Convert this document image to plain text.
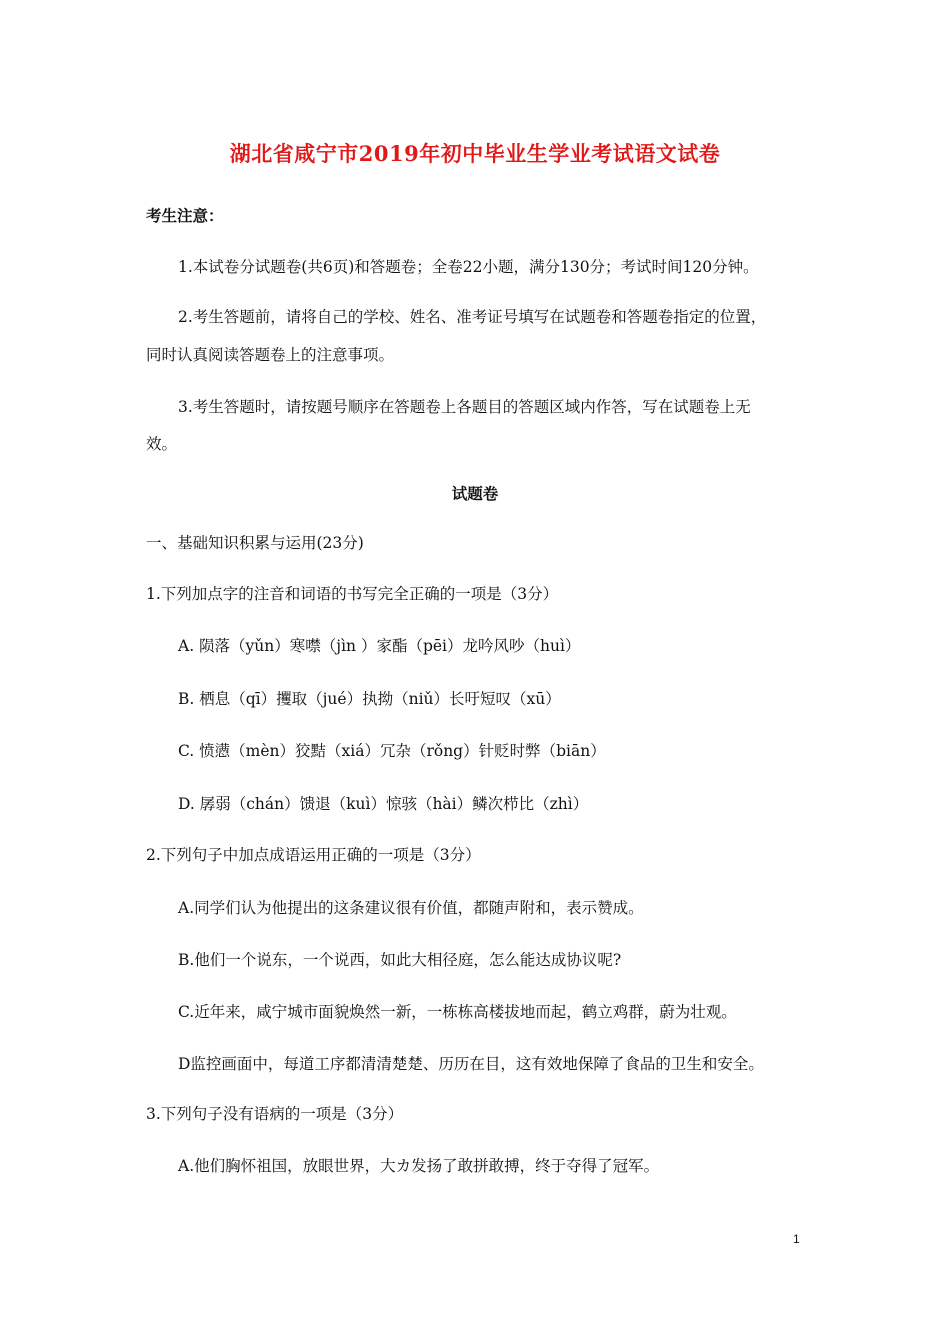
湖北省咸宁市2019年初中毕业生学业考试语文试卷
考生注意：
1.本试卷分试题卷(共6页)和答题卷；全卷22小题，满分130分；考试时间120分钟。
2.考生答题前，请将自己的学校、姓名、准考证号填写在试题卷和答题卷指定的位置，
同时认真阅读答题卷上的注意事项。
3.考生答题时，请按题号顺序在答题卷上各题目的答题区域内作答，写在试题卷上无
效。
试题卷
一、基础知识积累与运用(23分)
1.下列加点字的注音和词语的书写完全正确的一项是（3分）
A. 陨落（yǔn）寒噤（jìn ）家酯（pēi）龙吟风吵（huì）
B. 栖息（qī）攫取（jué）执拗（niǔ）长吁短叹（xū）
C. 愤懑（mèn）狡黠（xiá）冗杂（rǒng）针贬时弊（biān）
D. 孱弱（chán）馈退（kuì）惊骇（hài）鳞次栉比（zhì）
2.下列句子中加点成语运用正确的一项是（3分）
A.同学们认为他提出的这条建议很有价值，都随声附和，表示赞成。
B.他们一个说东，一个说西，如此大相径庭，怎么能达成协议呢?
C.近年来，咸宁城市面貌焕然一新，一栋栋高楼拔地而起，鹤立鸡群，蔚为壮观。
D监控画面中，每道工序都清清楚楚、历历在目，这有效地保障了食品的卫生和安全。
3.下列句子没有语病的一项是（3分）
A.他们胸怀祖国，放眼世界，大カ发扬了敢拼敢搏，终于夺得了冠军。
1
